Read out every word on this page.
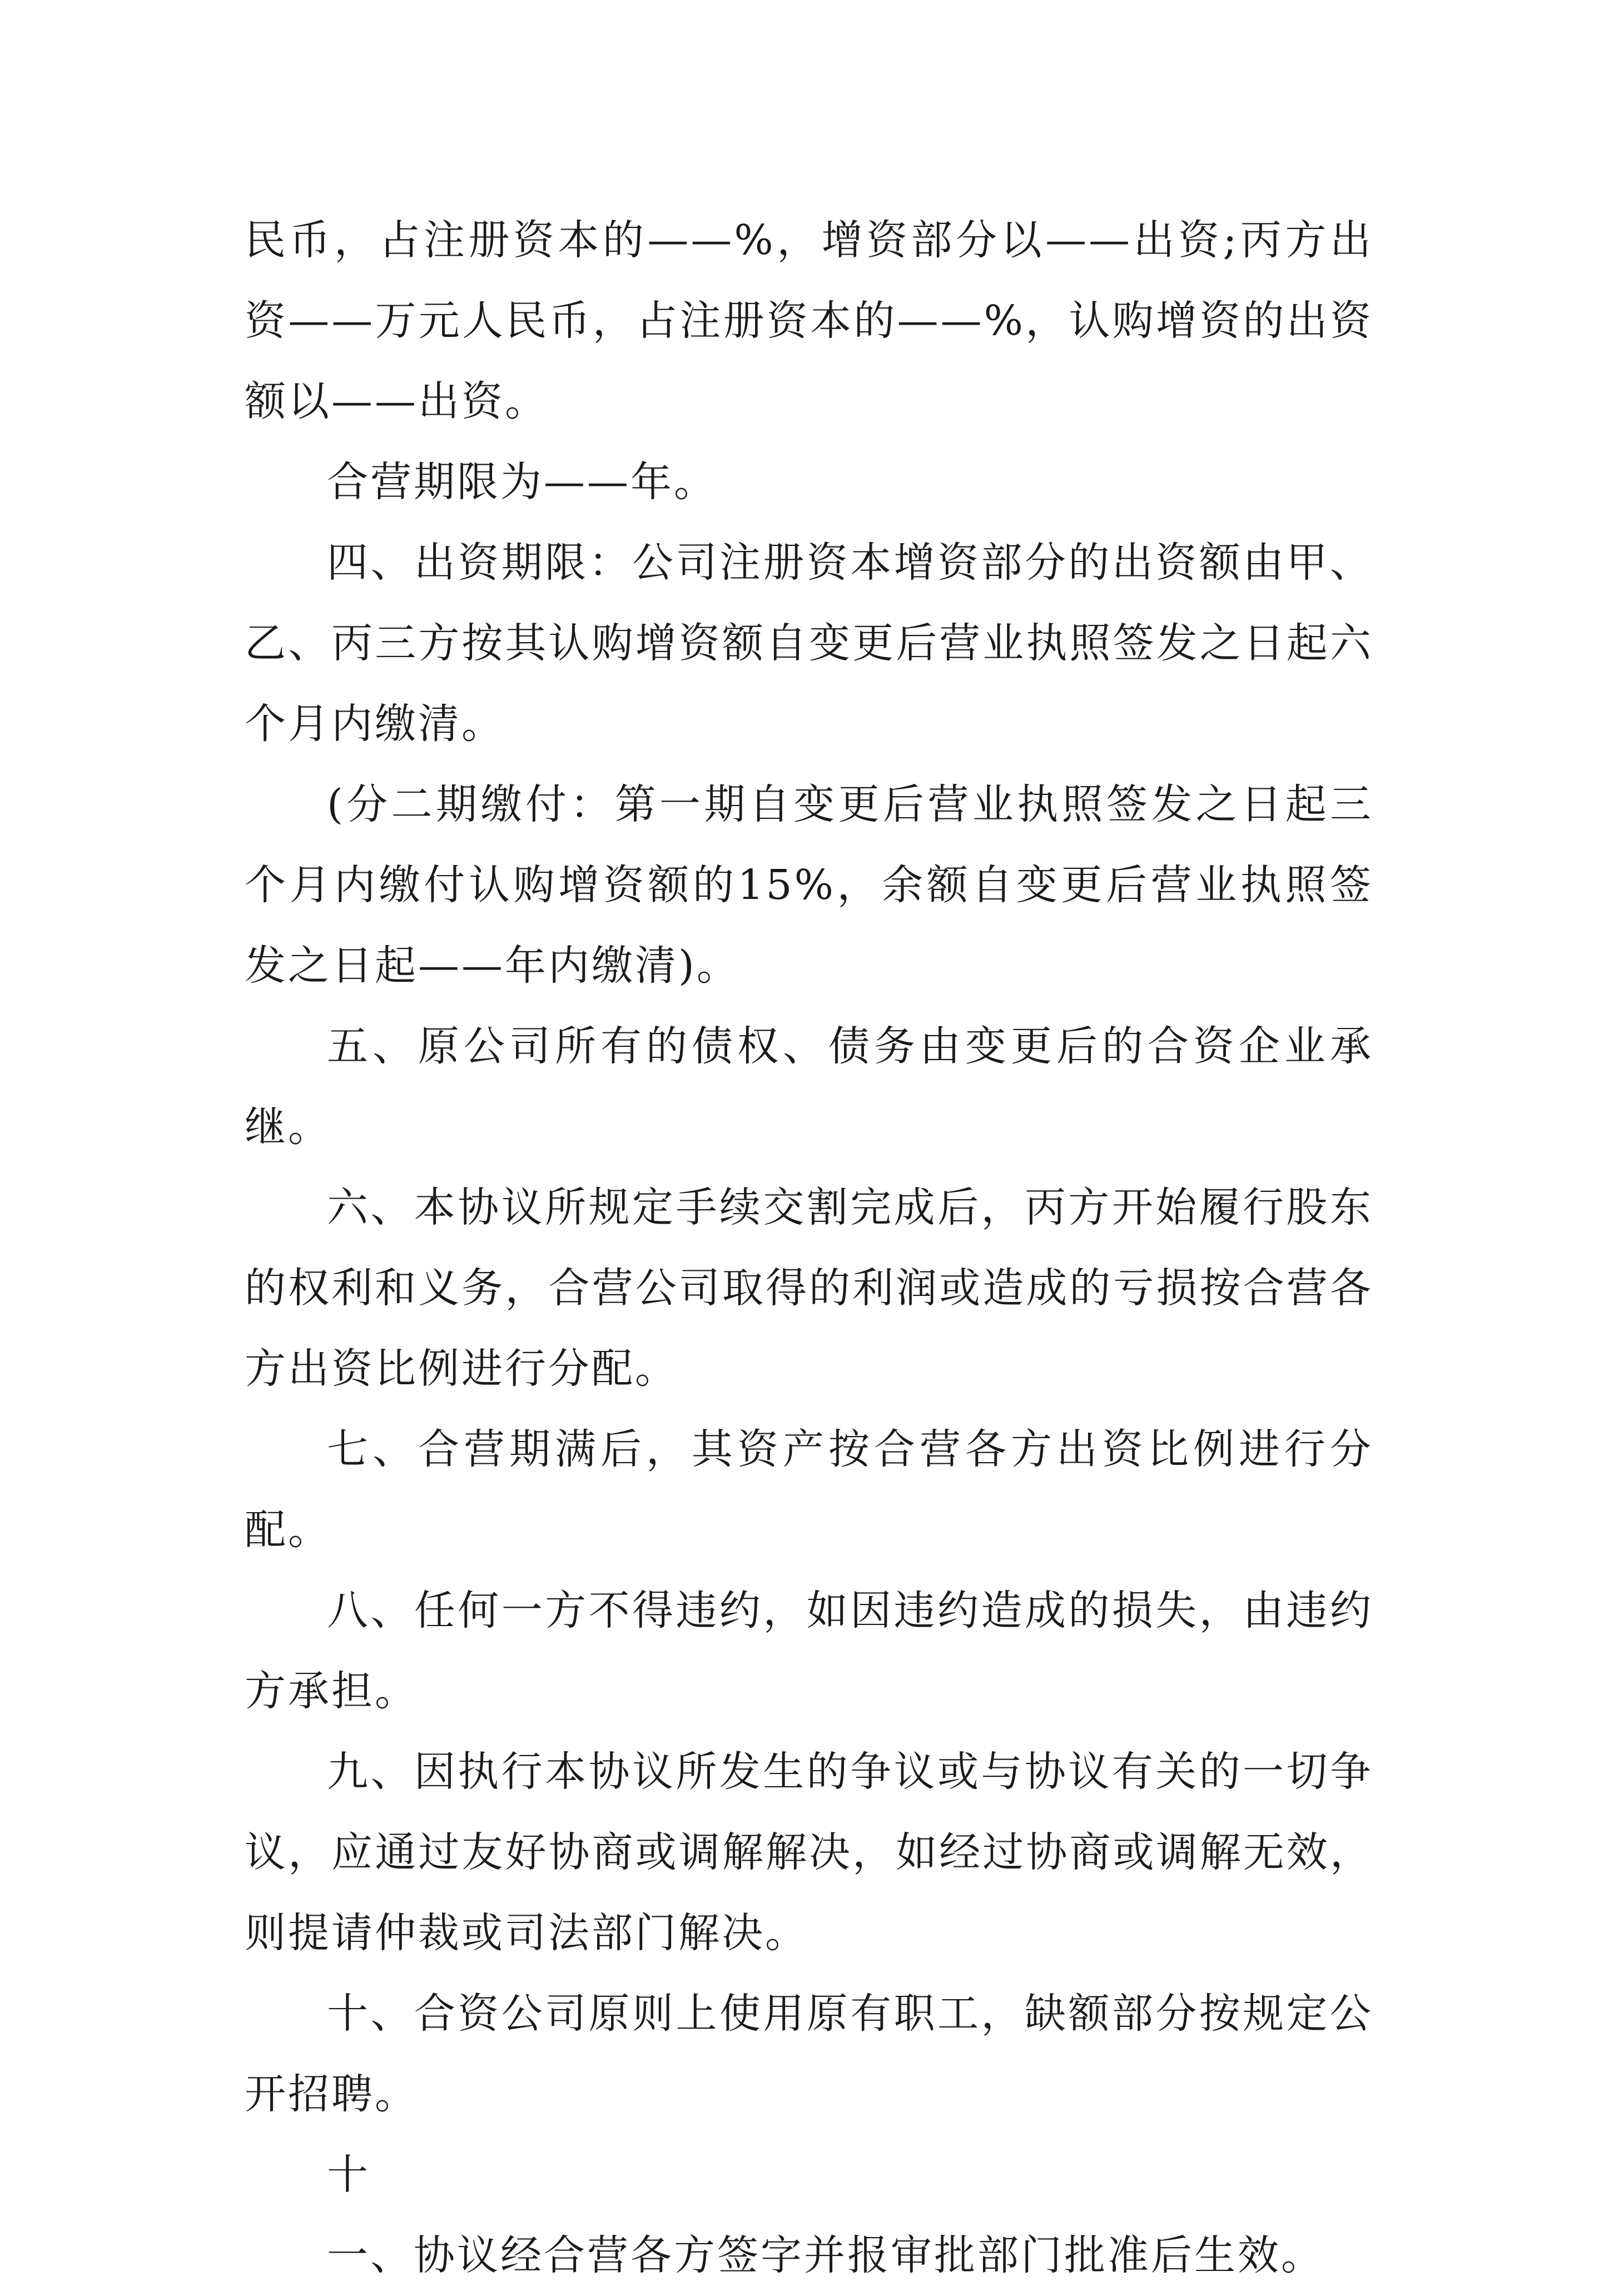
民币，占注册资本的——%，增资部分以——出资;丙方出资——万元人民币，占注册资本的——%，认购增资的出资额以——出资。

合营期限为——年。

四、出资期限：公司注册资本增资部分的出资额由甲、乙、丙三方按其认购增资额自变更后营业执照签发之日起六个月内缴清。

(分二期缴付：第一期自变更后营业执照签发之日起三个月内缴付认购增资额的15%，余额自变更后营业执照签发之日起——年内缴清)。

五、原公司所有的债权、债务由变更后的合资企业承继。

六、本协议所规定手续交割完成后，丙方开始履行股东的权利和义务，合营公司取得的利润或造成的亏损按合营各方出资比例进行分配。

七、合营期满后，其资产按合营各方出资比例进行分配。

八、任何一方不得违约，如因违约造成的损失，由违约方承担。

九、因执行本协议所发生的争议或与协议有关的一切争议，应通过友好协商或调解解决，如经过协商或调解无效，则提请仲裁或司法部门解决。

十、合资公司原则上使用原有职工，缺额部分按规定公开招聘。

十

一、协议经合营各方签字并报审批部门批准后生效。
